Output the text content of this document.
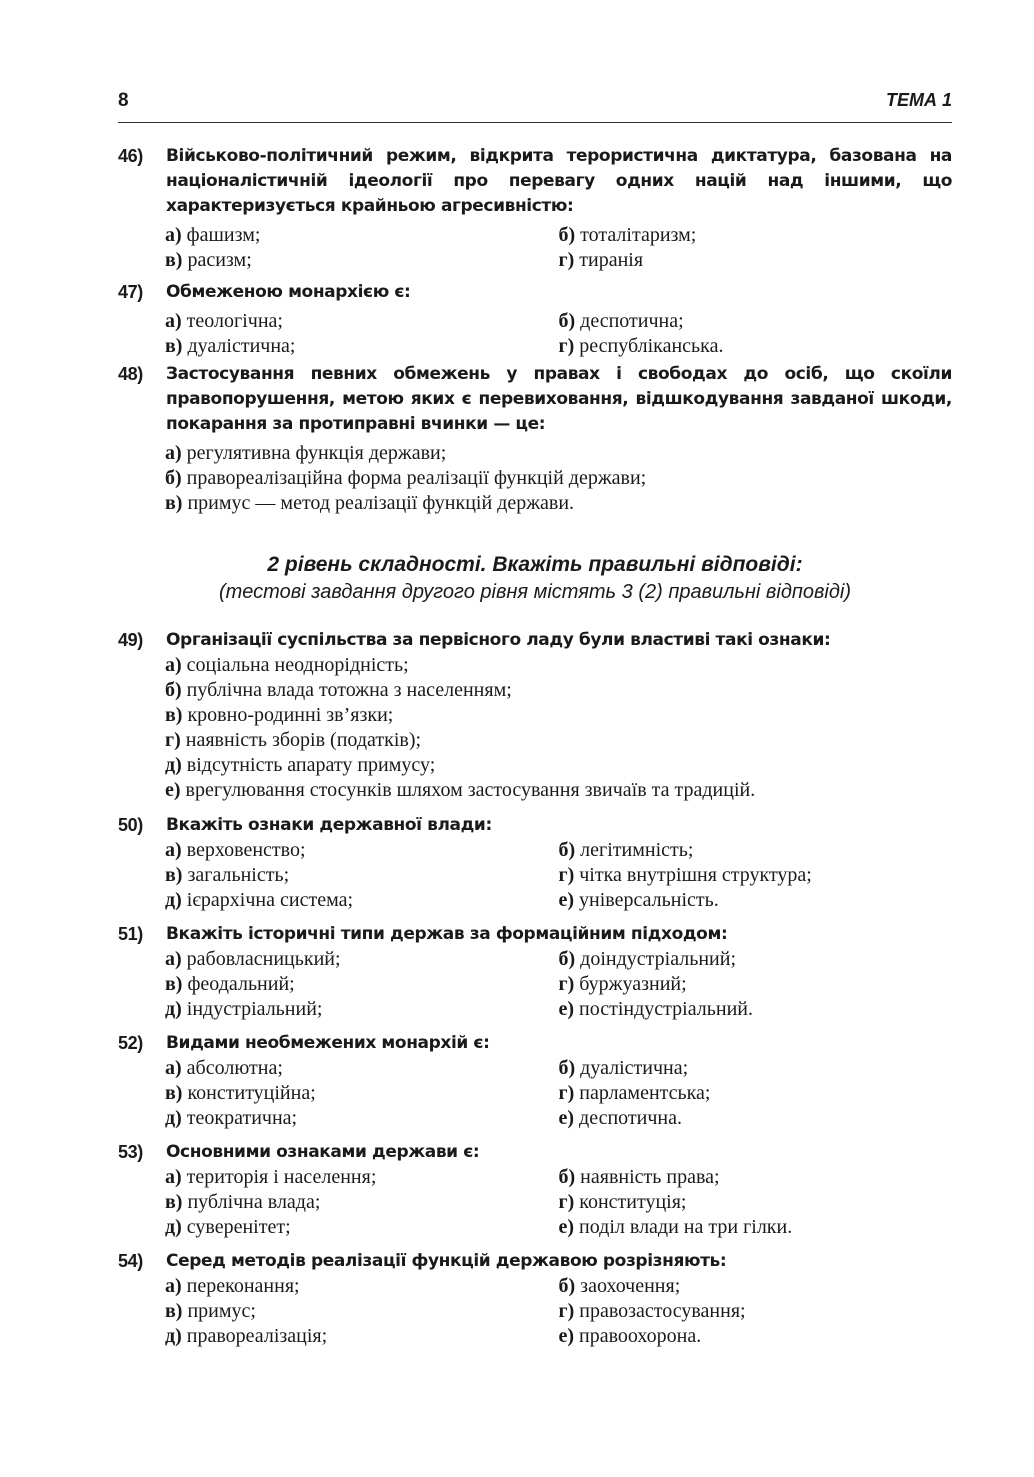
8	ТЕМА 1
46) Військово-політичний режим, відкрита терористична диктатура, базована на націоналістичній ідеології про перевагу одних націй над іншими, що характеризується крайньою агресивністю:
а) фашизм;	б) тоталітаризм;
в) расизм;	г) тиранія
47) Обмеженою монархією є:
а) теологічна;	б) деспотична;
в) дуалістична;	г) республіканська.
48) Застосування певних обмежень у правах і свободах до осіб, що скоїли правопорушення, метою яких є перевиховання, відшкодування завданої шкоди, покарання за протиправні вчинки — це:
а) регулятивна функція держави;
б) правореалізаційна форма реалізації функцій держави;
в) примус — метод реалізації функцій держави.
2 рівень складності. Вкажіть правильні відповіді:
(тестові завдання другого рівня містять 3 (2) правильні відповіді)
49) Організації суспільства за первісного ладу були властиві такі ознаки:
а) соціальна неоднорідність;
б) публічна влада тотожна з населенням;
в) кровно-родинні зв’язки;
г) наявність зборів (податків);
д) відсутність апарату примусу;
е) врегулювання стосунків шляхом застосування звичаїв та традицій.
50) Вкажіть ознаки державної влади:
а) верховенство;	б) легітимність;
в) загальність;	г) чітка внутрішня структура;
д) ієрархічна система;	е) універсальність.
51) Вкажіть історичні типи держав за формаційним підходом:
а) рабовласницький;	б) доіндустріальний;
в) феодальний;	г) буржуазний;
д) індустріальний;	е) постіндустріальний.
52) Видами необмежених монархій є:
а) абсолютна;	б) дуалістична;
в) конституційна;	г) парламентська;
д) теократична;	е) деспотична.
53) Основними ознаками держави є:
а) територія і населення;	б) наявність права;
в) публічна влада;	г) конституція;
д) суверенітет;	е) поділ влади на три гілки.
54) Серед методів реалізації функцій державою розрізняють:
а) переконання;	б) заохочення;
в) примус;	г) правозастосування;
д) правореалізація;	е) правоохорона.
